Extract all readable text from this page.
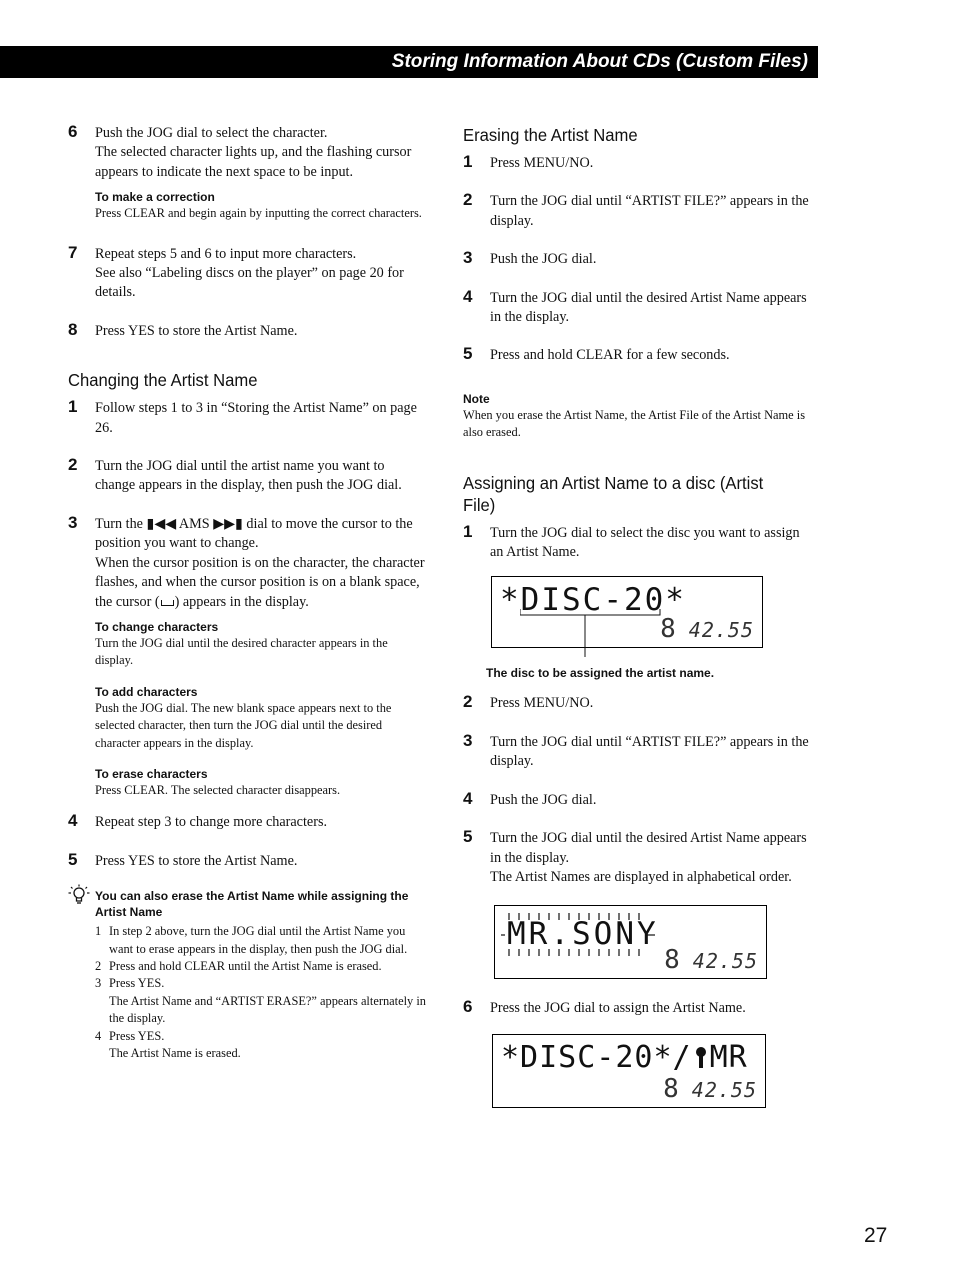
Storing Information About CDs (Custom Files)
6 Push the JOG dial to select the character.
The selected character lights up, and the flashing cursor appears to indicate the next space to be input.
To make a correction
Press CLEAR and begin again by inputting the correct characters.
7 Repeat steps 5 and 6 to input more characters.
See also “Labeling discs on the player” on page 20 for details.
8 Press YES to store the Artist Name.
Changing the Artist Name
1 Follow steps 1 to 3 in “Storing the Artist Name” on page 26.
2 Turn the JOG dial until the artist name you want to change appears in the display, then push the JOG dial.
3 Turn the ▮◀◀ AMS ▶▶▮ dial to move the cursor to the position you want to change.
When the cursor position is on the character, the character flashes, and when the cursor position is on a blank space, the cursor ( ) appears in the display.
To change characters
Turn the JOG dial until the desired character appears in the display.
To add characters
Push the JOG dial. The new blank space appears next to the selected character, then turn the JOG dial until the desired character appears in the display.
To erase characters
Press CLEAR. The selected character disappears.
4 Repeat step 3 to change more characters.
5 Press YES to store the Artist Name.
You can also erase the Artist Name while assigning the Artist Name
1 In step 2 above, turn the JOG dial until the Artist Name you want to erase appears in the display, then push the JOG dial.
2 Press and hold CLEAR until the Artist Name is erased.
3 Press YES.
The Artist Name and “ARTIST ERASE?” appears alternately in the display.
4 Press YES.
The Artist Name is erased.
Erasing the Artist Name
1 Press MENU/NO.
2 Turn the JOG dial until “ARTIST FILE?” appears in the display.
3 Push the JOG dial.
4 Turn the JOG dial until the desired Artist Name appears in the display.
5 Press and hold CLEAR for a few seconds.
Note
When you erase the Artist Name, the Artist File of the Artist Name is also erased.
Assigning an Artist Name to a disc (Artist File)
1 Turn the JOG dial to select the disc you want to assign an Artist Name.
*DISC-20*
8 42.55
The disc to be assigned the artist name.
2 Press MENU/NO.
3 Turn the JOG dial until “ARTIST FILE?” appears in the display.
4 Push the JOG dial.
5 Turn the JOG dial until the desired Artist Name appears in the display.
The Artist Names are displayed in alphabetical order.
MR.SONY
8 42.55
6 Press the JOG dial to assign the Artist Name.
*DISC-20*/ MR
8 42.55
27
